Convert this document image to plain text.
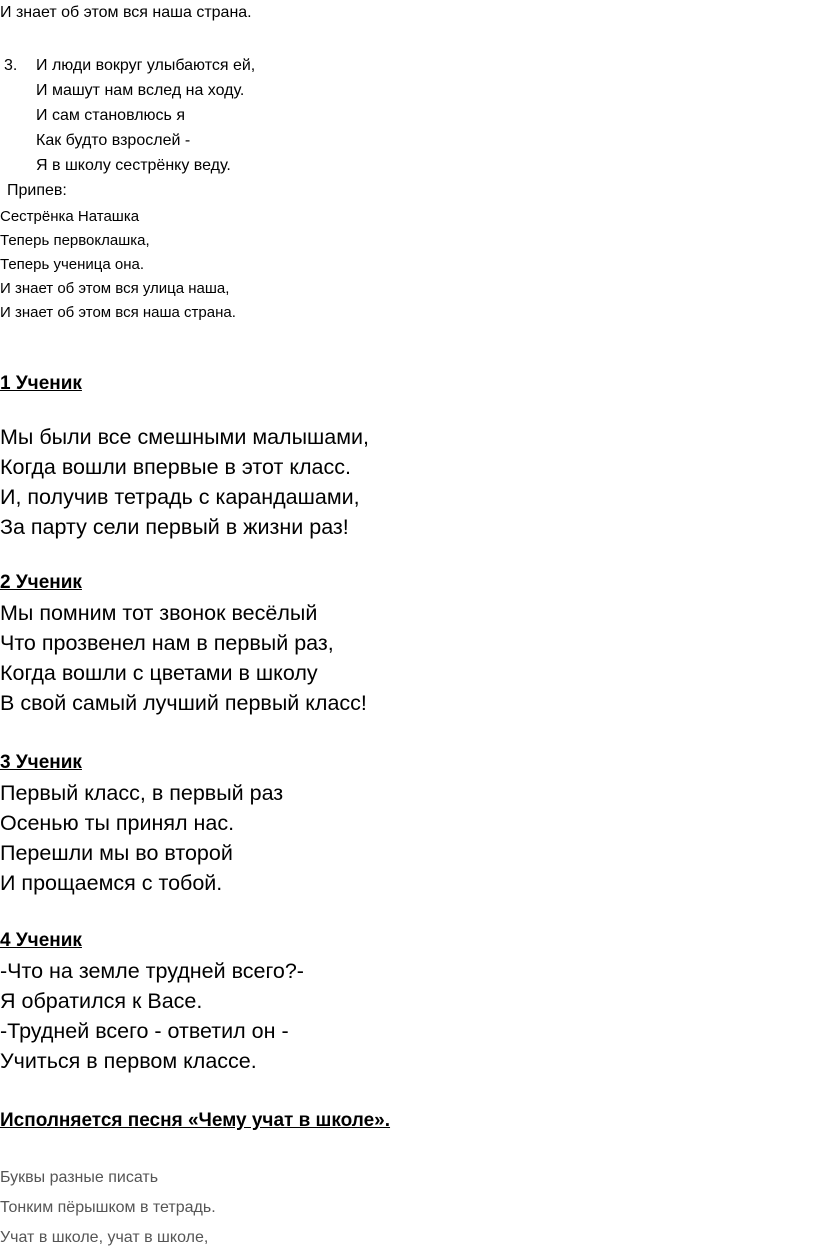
И знает об этом вся наша страна.
3. И люди вокруг улыбаются ей,
И машут нам вслед на ходу.
И сам становлюсь я
Как будто взрослей -
Я в школу сестрёнку веду.
Припев:
Сестрёнка Наташка
Теперь первоклашка,
Теперь ученица она.
И знает об этом вся улица наша,
И знает об этом вся наша страна.
1 Ученик
Мы были все смешными малышами,
Когда вошли впервые в этот класс.
И, получив тетрадь с карандашами,
За парту сели первый в жизни раз!
2 Ученик
Мы помним тот звонок весёлый
Что прозвенел нам в первый раз,
Когда вошли с цветами в школу
В свой самый лучший первый класс!
3 Ученик
Первый класс, в первый раз
Осенью ты принял нас.
Перешли мы во второй
И прощаемся с тобой.
4 Ученик
-Что на земле трудней всего?-
Я обратился к Васе.
-Трудней всего - ответил он -
Учиться в первом классе.
Исполняется песня «Чему учат в школе».
Буквы разные писать
Тонким пёрышком в тетрадь.
Учат в школе, учат в школе,
